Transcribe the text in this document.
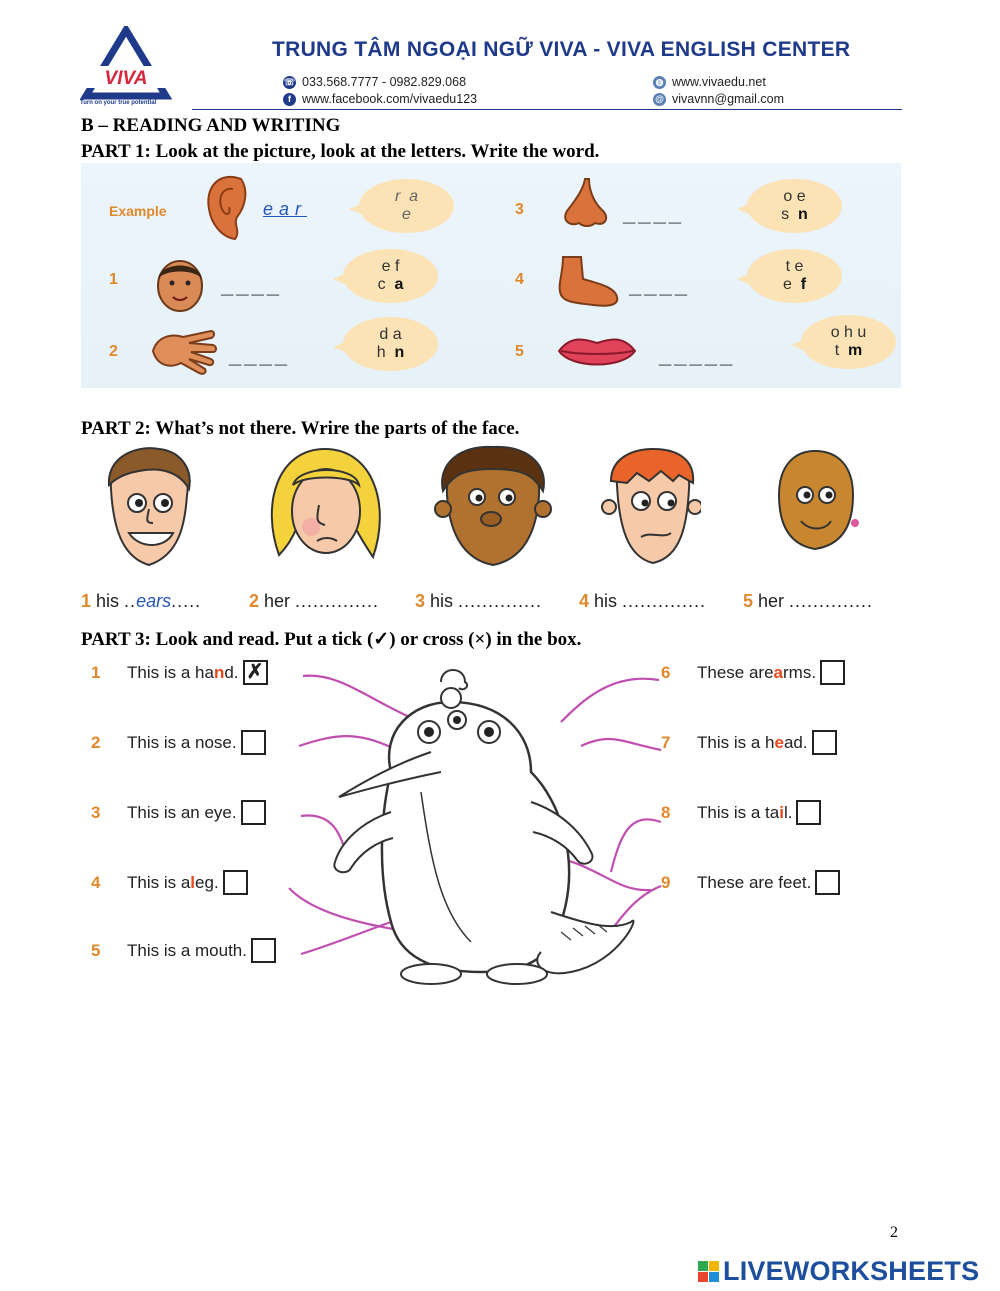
VIVA
Turn on your true potential
TRUNG TÂM NGOẠI NGỮ VIVA - VIVA ENGLISH CENTER
☏ 033.568.7777 - 0982.829.068
f www.facebook.com/vivaedu123
◍ www.vivaedu.net
@ vivavnn@gmail.com
B – READING AND WRITING
PART 1: Look at the picture, look at the letters. Write the word.
Example	ear
r a
e
1	____
e f
c a
2	____
d a
h n
3	____
o e
s n
4	____
t e
e f
5	_____
o h u
t m
PART 2: What’s not there. Wrire the parts of the face.
1 his ..ears.....	2 her .............. 3 his .............. 4 his .............. 5 her ..............
PART 3: Look and read. Put a tick (✓) or cross (×) in the box.
1	This is a ha n d. ✗
2	This is a nose.
3	This is an eye.
4	This is a l eg.
5	This is a mouth.
6	These are a rms.
7	This is a h e ad.
8	This is a ta i l.
9	These are feet.
2
LIVEWORKSHEETS
